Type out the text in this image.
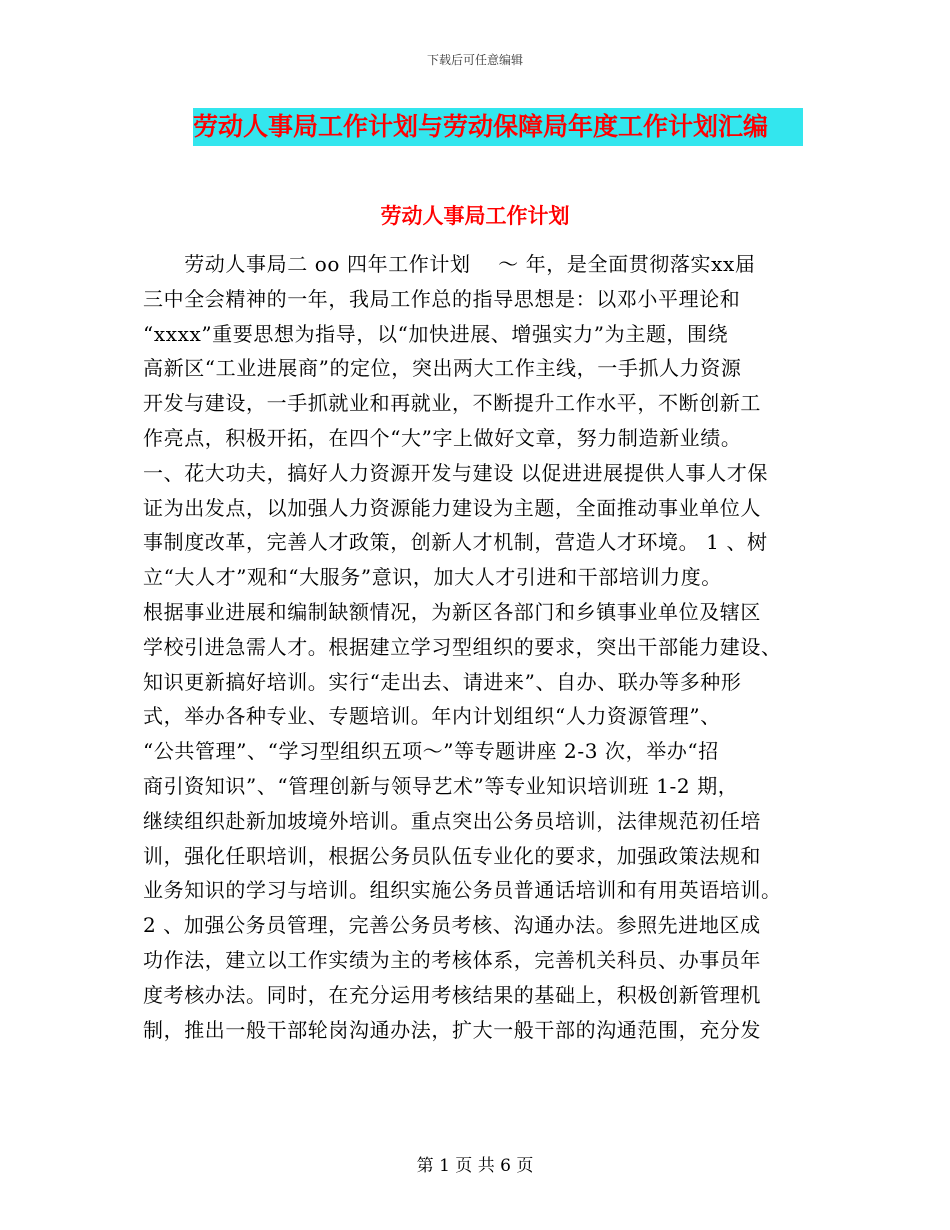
下载后可任意编辑
劳动人事局工作计划与劳动保障局年度工作计划汇编
劳动人事局工作计划
　　劳动人事局二 oo 四年工作计划　 ～ 年，是全面贯彻落实xx届
三中全会精神的一年，我局工作总的指导思想是：以邓小平理论和
“xxxx”重要思想为指导，以“加快进展、增强实力”为主题，围绕
高新区“工业进展商”的定位，突出两大工作主线，一手抓人力资源
开发与建设，一手抓就业和再就业，不断提升工作水平，不断创新工
作亮点，积极开拓，在四个“大”字上做好文章，努力制造新业绩。
一、花大功夫，搞好人力资源开发与建设 以促进进展提供人事人才保
证为出发点，以加强人力资源能力建设为主题，全面推动事业单位人
事制度改革，完善人才政策，创新人才机制，营造人才环境。 1 、树
立“大人才”观和“大服务”意识，加大人才引进和干部培训力度。
根据事业进展和编制缺额情况，为新区各部门和乡镇事业单位及辖区
学校引进急需人才。根据建立学习型组织的要求，突出干部能力建设、
知识更新搞好培训。实行“走出去、请进来”、自办、联办等多种形
式，举办各种专业、专题培训。年内计划组织“人力资源管理”、
“公共管理”、“学习型组织五项～”等专题讲座 2-3 次，举办“招
商引资知识”、“管理创新与领导艺术”等专业知识培训班 1-2 期，
继续组织赴新加坡境外培训。重点突出公务员培训，法律规范初任培
训，强化任职培训，根据公务员队伍专业化的要求，加强政策法规和
业务知识的学习与培训。组织实施公务员普通话培训和有用英语培训。
2 、加强公务员管理，完善公务员考核、沟通办法。参照先进地区成
功作法，建立以工作实绩为主的考核体系，完善机关科员、办事员年
度考核办法。同时，在充分运用考核结果的基础上，积极创新管理机
制，推出一般干部轮岗沟通办法，扩大一般干部的沟通范围，充分发
第 1 页 共 6 页
